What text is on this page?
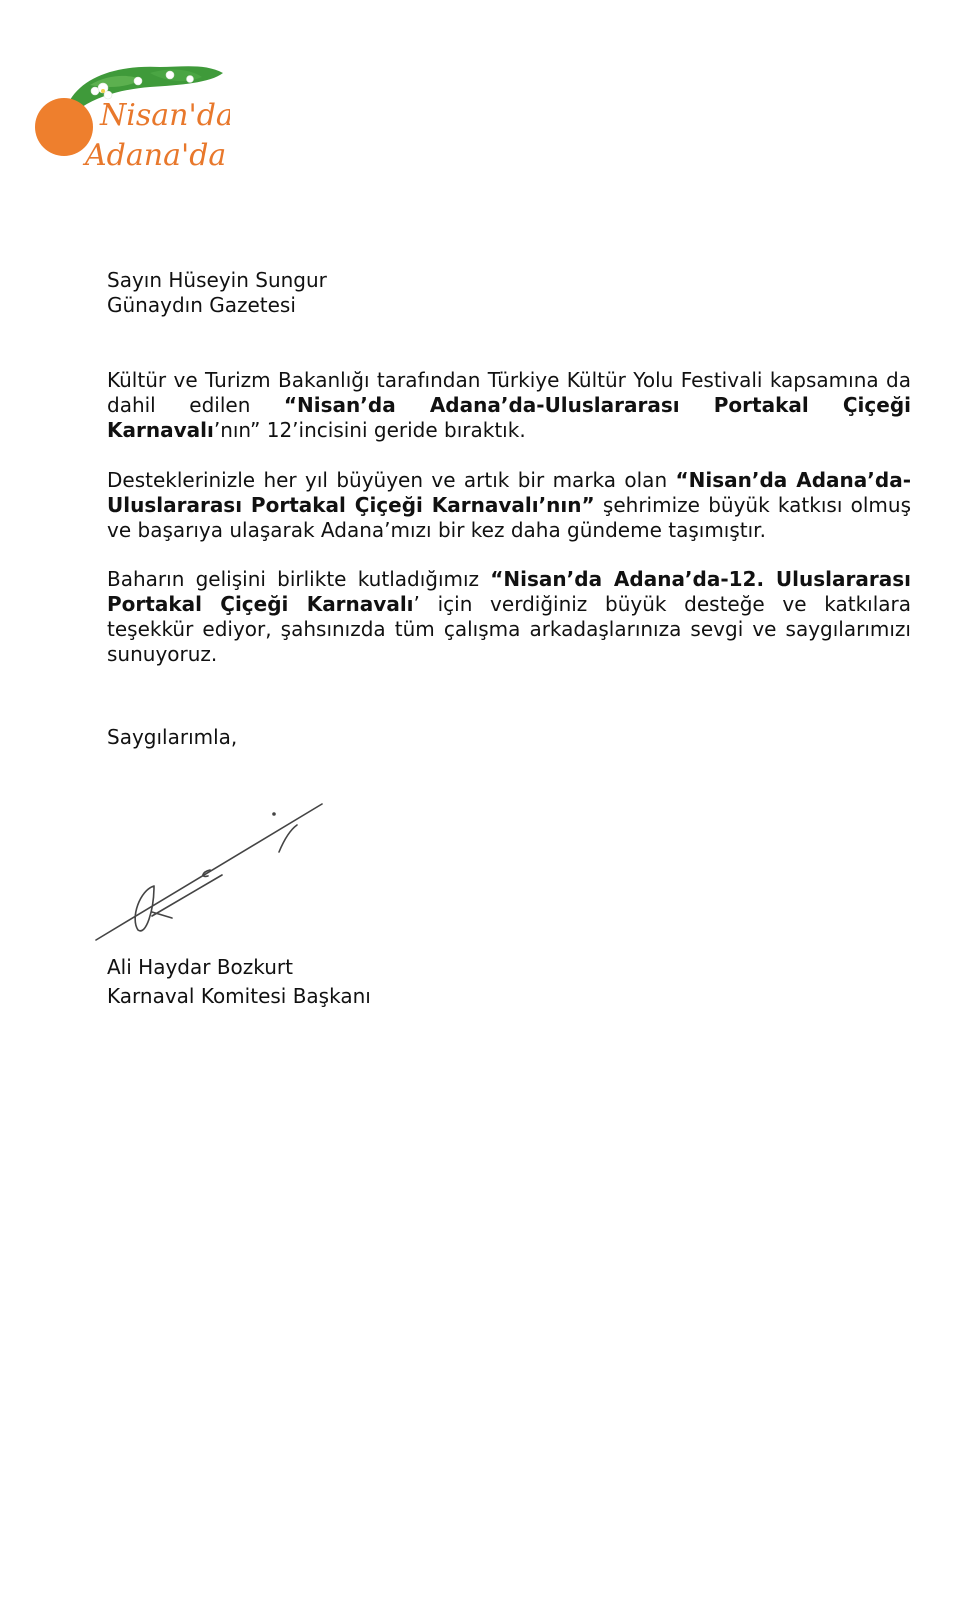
Nisan'da
Adana'da
Sayın Hüseyin Sungur
Günaydın Gazetesi
Kültür ve Turizm Bakanlığı tarafından Türkiye Kültür Yolu Festivali kapsamına da dahil edilen “Nisan’da Adana’da-Uluslararası Portakal Çiçeği Karnavalı’nın” 12’incisini geride bıraktık.
Desteklerinizle her yıl büyüyen ve artık bir marka olan “Nisan’da Adana’da-Uluslararası Portakal Çiçeği Karnavalı’nın” şehrimize büyük katkısı olmuş ve başarıya ulaşarak Adana’mızı bir kez daha gündeme taşımıştır.
Baharın gelişini birlikte kutladığımız “Nisan’da Adana’da-12. Uluslararası Portakal Çiçeği Karnavalı’ için verdiğiniz büyük desteğe ve katkılara teşekkür ediyor, şahsınızda tüm çalışma arkadaşlarınıza sevgi ve saygılarımızı sunuyoruz.
Saygılarımla,
Ali Haydar Bozkurt
Karnaval Komitesi Başkanı
